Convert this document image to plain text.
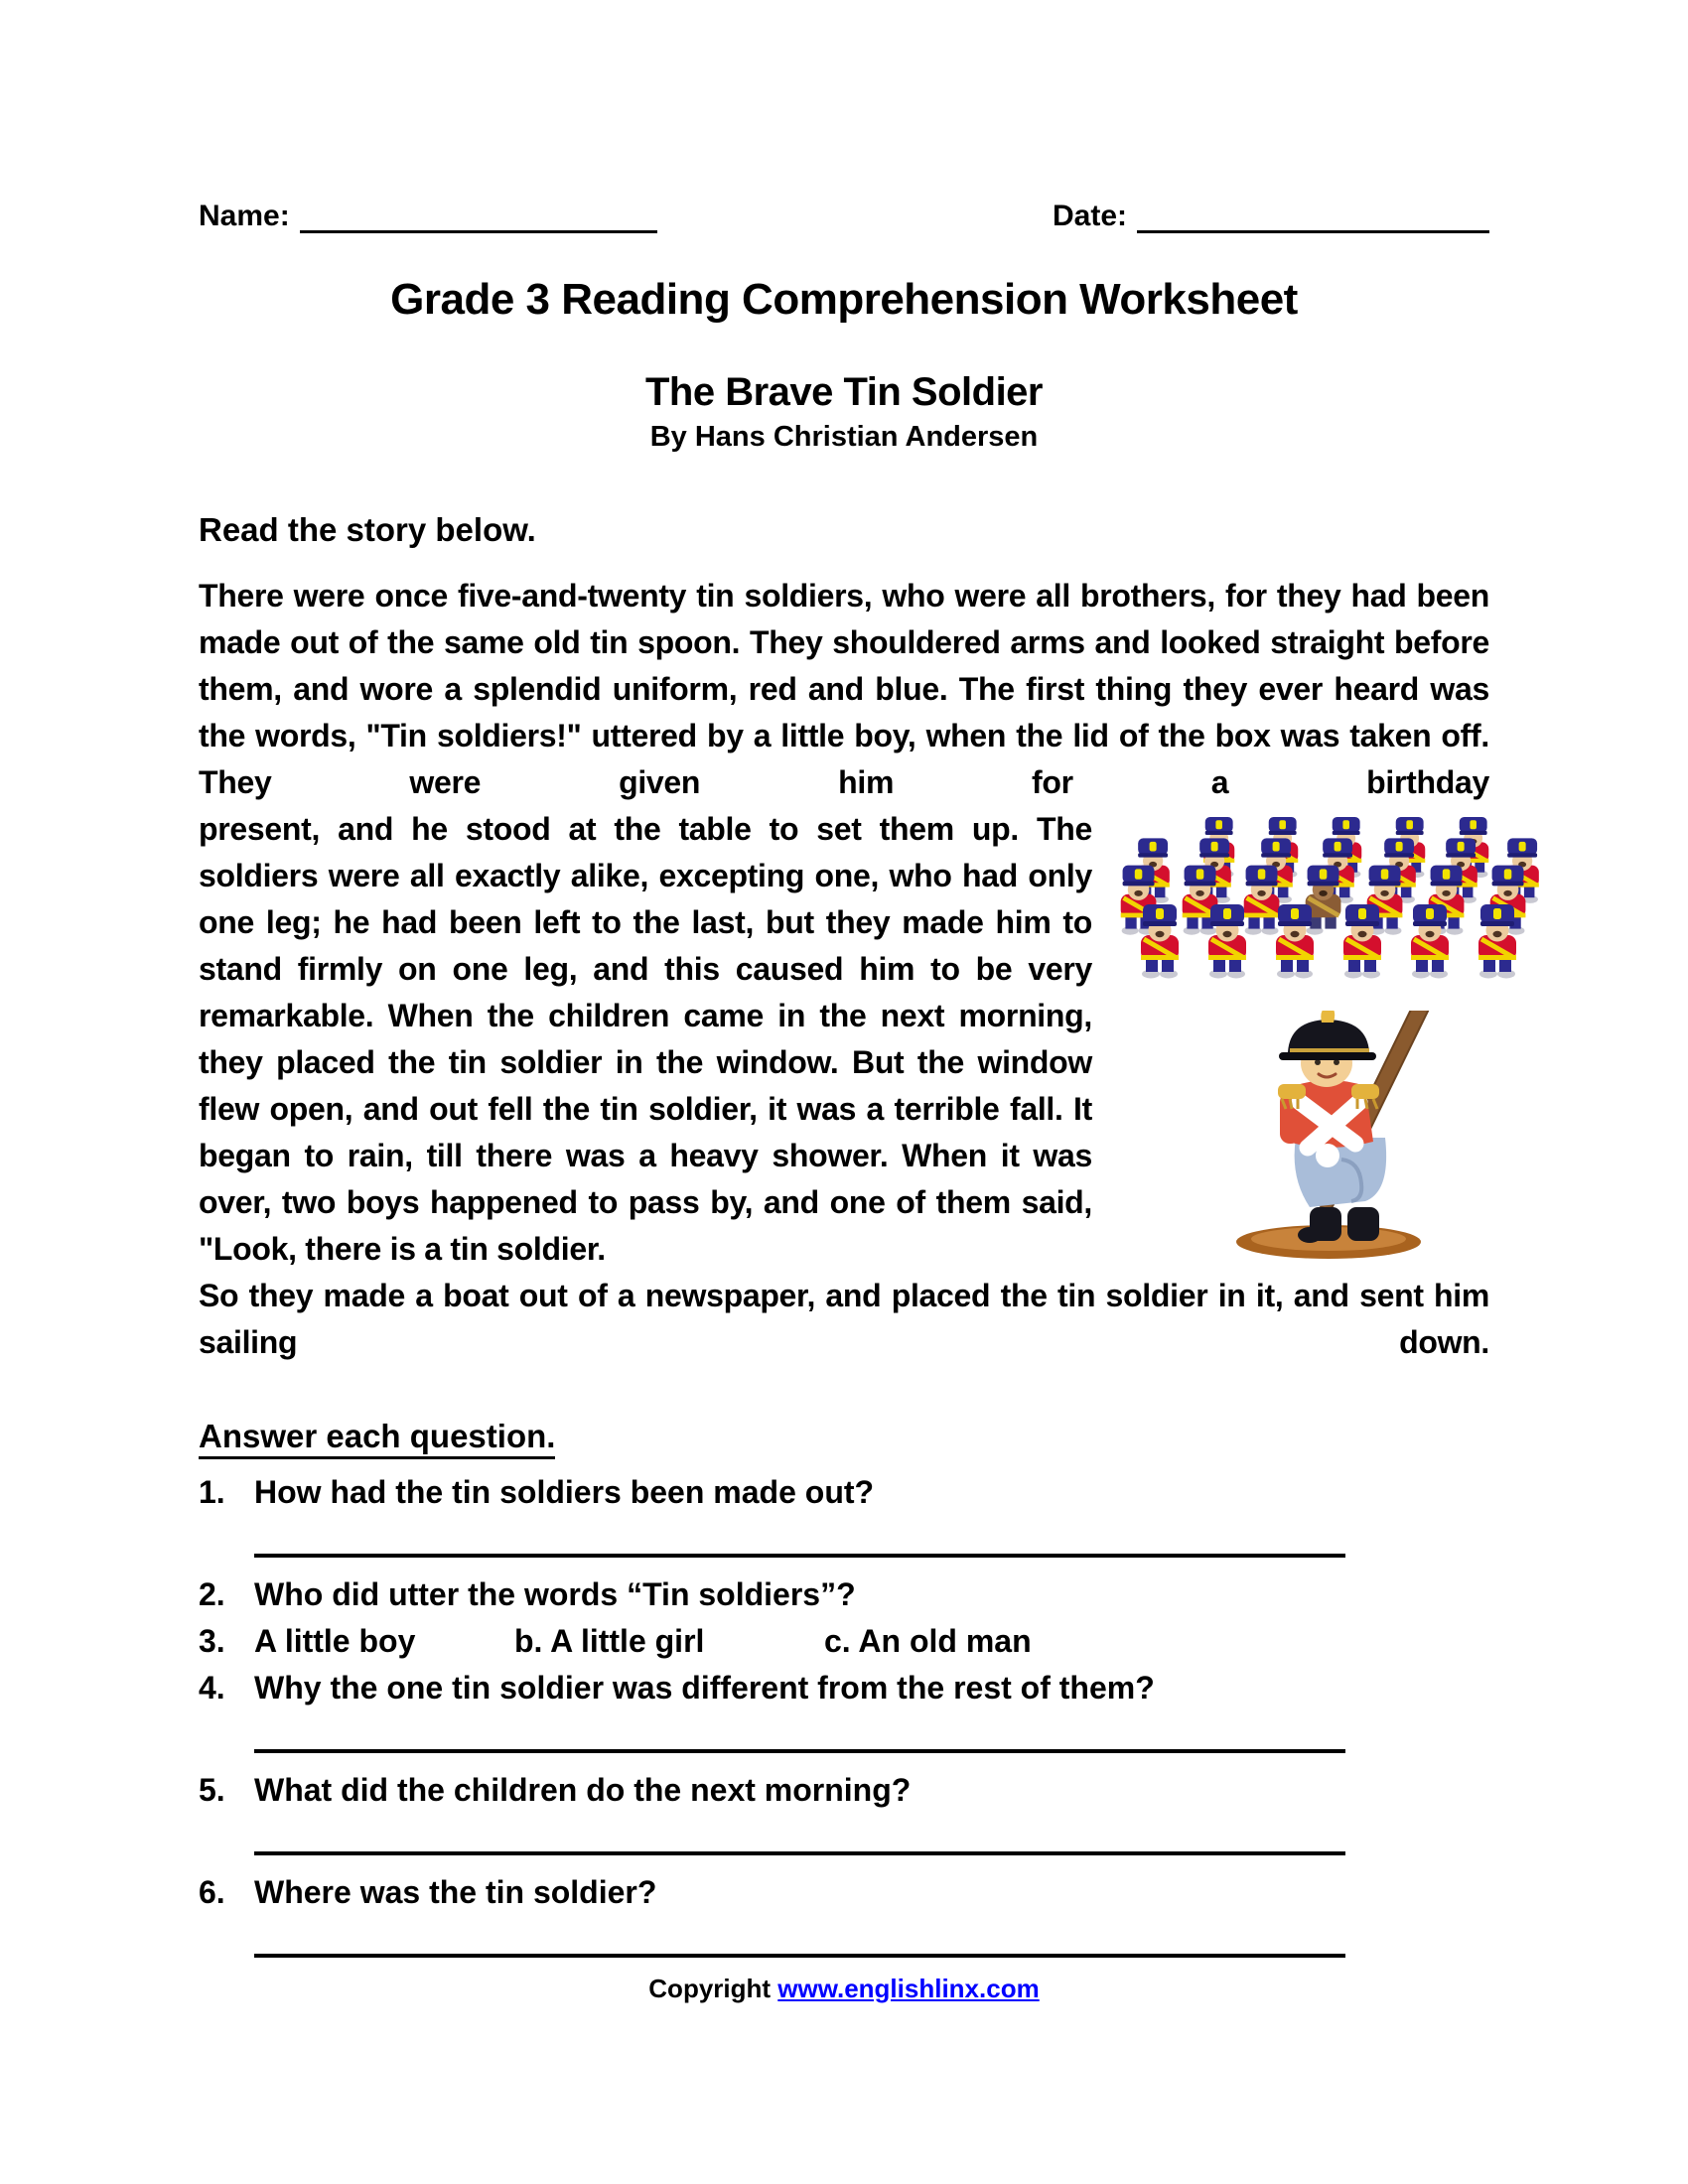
Name:	Date:
Grade 3 Reading Comprehension Worksheet
The Brave Tin Soldier
By Hans Christian Andersen
Read the story below.

There were once five-and-twenty tin soldiers, who were all brothers, for they had been made out of the same old tin spoon. They shouldered arms and looked straight before them, and wore a splendid uniform, red and blue. The first thing they ever heard was the words, "Tin soldiers!" uttered by a little boy, when the lid of the box was taken off. They were given him for a birthday

present, and he stood at the table to set them up. The soldiers were all exactly alike, excepting one, who had only one leg; he had been left to the last, but they made him to stand firmly on one leg, and this caused him to be very remarkable. When the children came in the next morning, they placed the tin soldier in the window. But the window flew open, and out fell the tin soldier, it was a terrible fall. It began to rain, till there was a heavy shower. When it was over, two boys happened to pass by, and one of them said, "Look, there is a tin soldier.

So they made a boat out of a newspaper, and placed the tin soldier in it, and sent him sailing down.

Answer each question.
1. How had the tin soldiers been made out?
2. Who did utter the words “Tin soldiers”?
3. A little boy	b. A little girl	c. An old man
4. Why the one tin soldier was different from the rest of them?
5. What did the children do the next morning?
6. Where was the tin soldier?
Copyright www.englishlinx.com
